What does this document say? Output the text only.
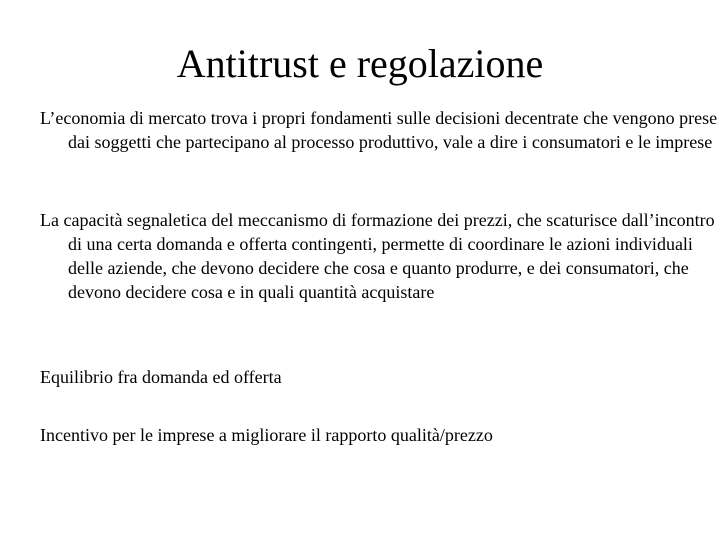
Antitrust e regolazione

L’economia di mercato trova i propri fondamenti sulle decisioni decentrate che vengono prese dai soggetti che partecipano al processo produttivo, vale a dire i consumatori e le imprese

La capacità segnaletica del meccanismo di formazione dei prezzi, che scaturisce dall’incontro di una certa domanda e offerta contingenti, permette di coordinare le azioni individuali delle aziende, che devono decidere che cosa e quanto produrre, e dei consumatori, che devono decidere cosa e in quali quantità acquistare

Equilibrio fra domanda ed offerta

Incentivo per le imprese a migliorare il rapporto qualità/prezzo
